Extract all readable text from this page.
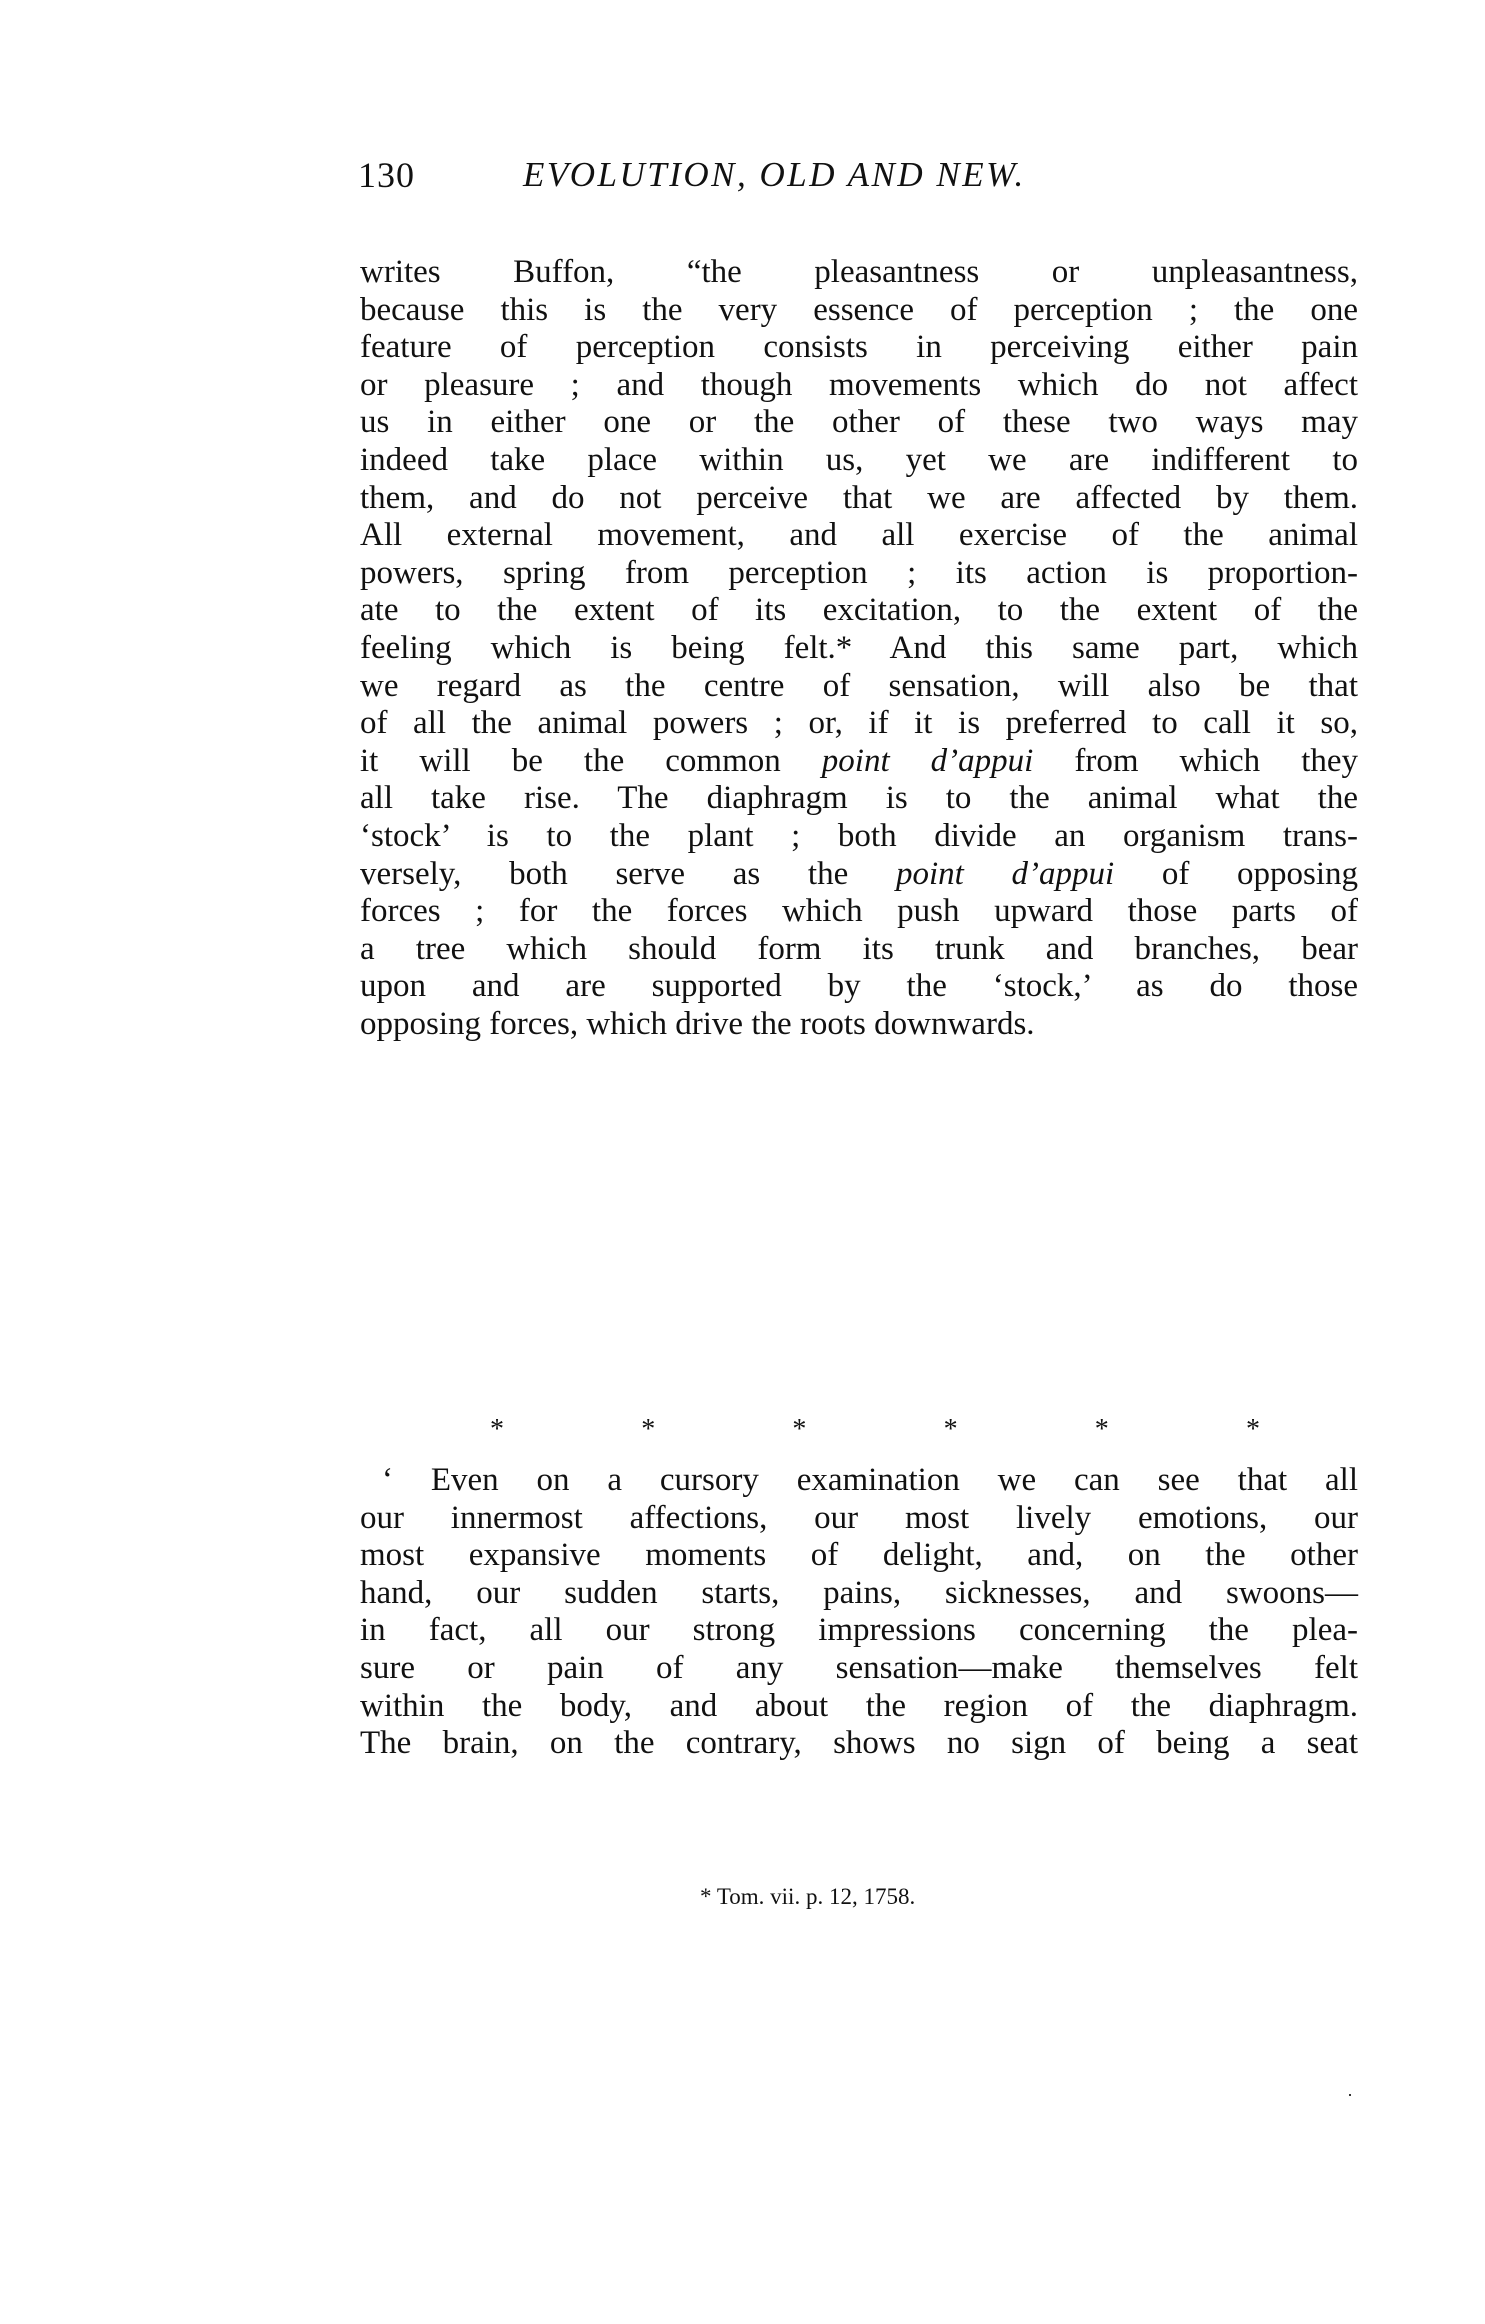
130	EVOLUTION, OLD AND NEW.
writes Buffon, “the pleasantness or unpleasantness,
because this is the very essence of perception ; the one
feature of perception consists in perceiving either pain
or pleasure ; and though movements which do not affect
us in either one or the other of these two ways may
indeed take place within us, yet we are indifferent to
them, and do not perceive that we are affected by them.
All external movement, and all exercise of the animal
powers, spring from perception ; its action is proportion-
ate to the extent of its excitation, to the extent of the
feeling which is being felt.* And this same part, which
we regard as the centre of sensation, will also be that
of all the animal powers ; or, if it is preferred to call it so,
it will be the common point d’appui from which they
all take rise. The diaphragm is to the animal what the
‘stock’ is to the plant ; both divide an organism trans-
versely, both serve as the point d’appui of opposing
forces ; for the forces which push upward those parts of
a tree which should form its trunk and branches, bear
upon and are supported by the ‘stock,’ as do those
opposing forces, which drive the roots downwards.
*	*	*	*	*	*
‘ Even on a cursory examination we can see that all
our innermost affections, our most lively emotions, our
most expansive moments of delight, and, on the other
hand, our sudden starts, pains, sicknesses, and swoons—
in fact, all our strong impressions concerning the plea-
sure or pain of any sensation—make themselves felt
within the body, and about the region of the diaphragm.
The brain, on the contrary, shows no sign of being a seat
* Tom. vii. p. 12, 1758.
